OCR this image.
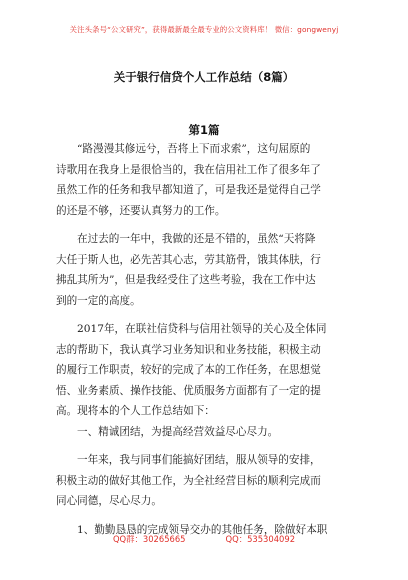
关注头条号“公文研究”，获得最新最全最专业的公文资料库！ 微信：gongwenyj
关于银行信贷个人工作总结（8篇）
第1篇
“路漫漫其修远兮，吾将上下而求索”，这句屈原的
诗歌用在我身上是很恰当的，我在信用社工作了很多年了
虽然工作的任务和我早都知道了，可是我还是觉得自己学
的还是不够，还要认真努力的工作。
在过去的一年中，我做的还是不错的，虽然“天将降
大任于斯人也，必先苦其心志，劳其筋骨，饿其体肤，行
拂乱其所为”，但是我经受住了这些考验，我在工作中达
到的一定的高度。
2017年，在联社信贷科与信用社领导的关心及全体同
志的帮助下，我认真学习业务知识和业务技能，积极主动
的履行工作职责，较好的完成了本的工作任务，在思想觉
悟、业务素质、操作技能、优质服务方面都有了一定的提
高。现将本的个人工作总结如下：
一、精诚团结，为提高经营效益尽心尽力。
一年来，我与同事们能搞好团结，服从领导的安排，
积极主动的做好其他工作，为全社经营目标的顺利完成而
同心同德，尽心尽力。
1、勤勤恳恳的完成领导交办的其他任务，除做好本职
QQ群：30265665	QQ：535304092
